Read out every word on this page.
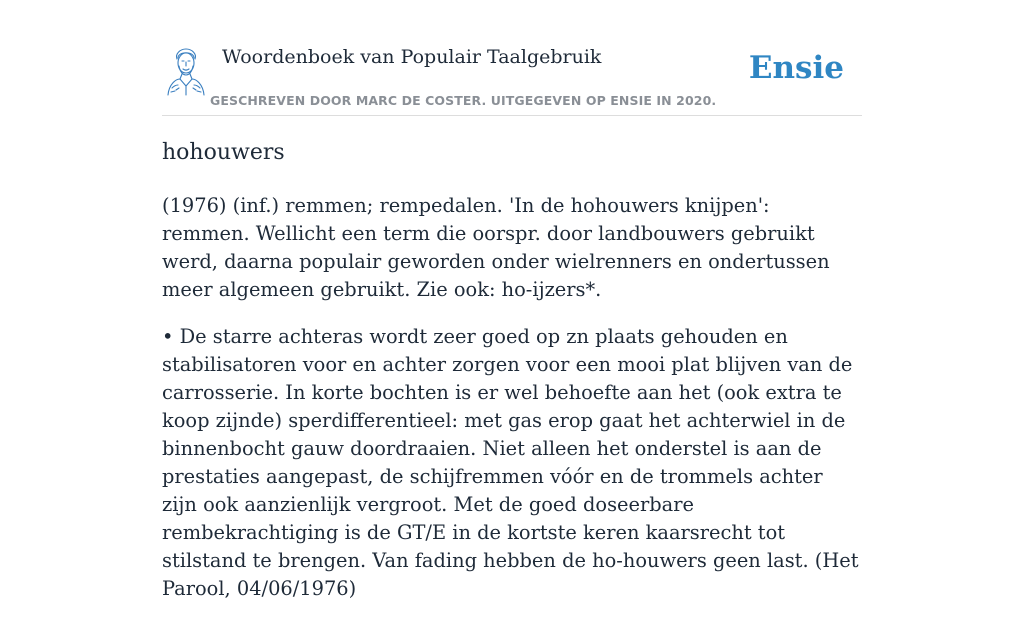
Woordenboek van Populair Taalgebruik
GESCHREVEN DOOR MARC DE COSTER. UITGEGEVEN OP ENSIE IN 2020.
Ensie
hohouwers

(1976) (inf.) remmen; rempedalen. 'In de hohouwers knijpen': remmen. Wellicht een term die oorspr. door landbouwers gebruikt werd, daarna populair geworden onder wielrenners en ondertussen meer algemeen gebruikt. Zie ook: ho-ijzers*.

• De starre achteras wordt zeer goed op zn plaats gehouden en stabilisatoren voor en achter zorgen voor een mooi plat blijven van de carrosserie. In korte bochten is er wel behoefte aan het (ook extra te koop zijnde) sperdifferentieel: met gas erop gaat het achterwiel in de binnenbocht gauw doordraaien. Niet alleen het onderstel is aan de prestaties aangepast, de schijfremmen vóór en de trommels achter zijn ook aanzienlijk vergroot. Met de goed doseerbare rembekrachtiging is de GT/E in de kortste keren kaarsrecht tot stilstand te brengen. Van fading hebben de ho-houwers geen last. (Het Parool, 04/06/1976)
